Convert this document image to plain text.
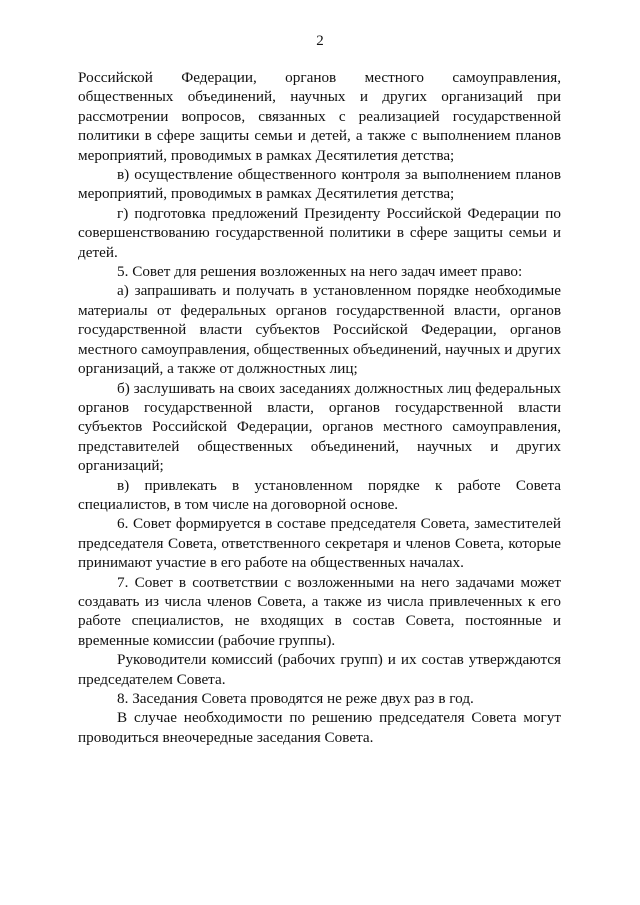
2

Российской Федерации, органов местного самоуправления, общественных объединений, научных и других организаций при рассмотрении вопросов, связанных с реализацией государственной политики в сфере защиты семьи и детей, а также с выполнением планов мероприятий, проводимых в рамках Десятилетия детства;

в) осуществление общественного контроля за выполнением планов мероприятий, проводимых в рамках Десятилетия детства;

г) подготовка предложений Президенту Российской Федерации по совершенствованию государственной политики в сфере защиты семьи и детей.

5. Совет для решения возложенных на него задач имеет право:

а) запрашивать и получать в установленном порядке необходимые материалы от федеральных органов государственной власти, органов государственной власти субъектов Российской Федерации, органов местного самоуправления, общественных объединений, научных и других организаций, а также от должностных лиц;

б) заслушивать на своих заседаниях должностных лиц федеральных органов государственной власти, органов государственной власти субъектов Российской Федерации, органов местного самоуправления, представителей общественных объединений, научных и других организаций;

в) привлекать в установленном порядке к работе Совета специалистов, в том числе на договорной основе.

6. Совет формируется в составе председателя Совета, заместителей председателя Совета, ответственного секретаря и членов Совета, которые принимают участие в его работе на общественных началах.

7. Совет в соответствии с возложенными на него задачами может создавать из числа членов Совета, а также из числа привлеченных к его работе специалистов, не входящих в состав Совета, постоянные и временные комиссии (рабочие группы).

Руководители комиссий (рабочих групп) и их состав утверждаются председателем Совета.

8. Заседания Совета проводятся не реже двух раз в год.

В случае необходимости по решению председателя Совета могут проводиться внеочередные заседания Совета.
